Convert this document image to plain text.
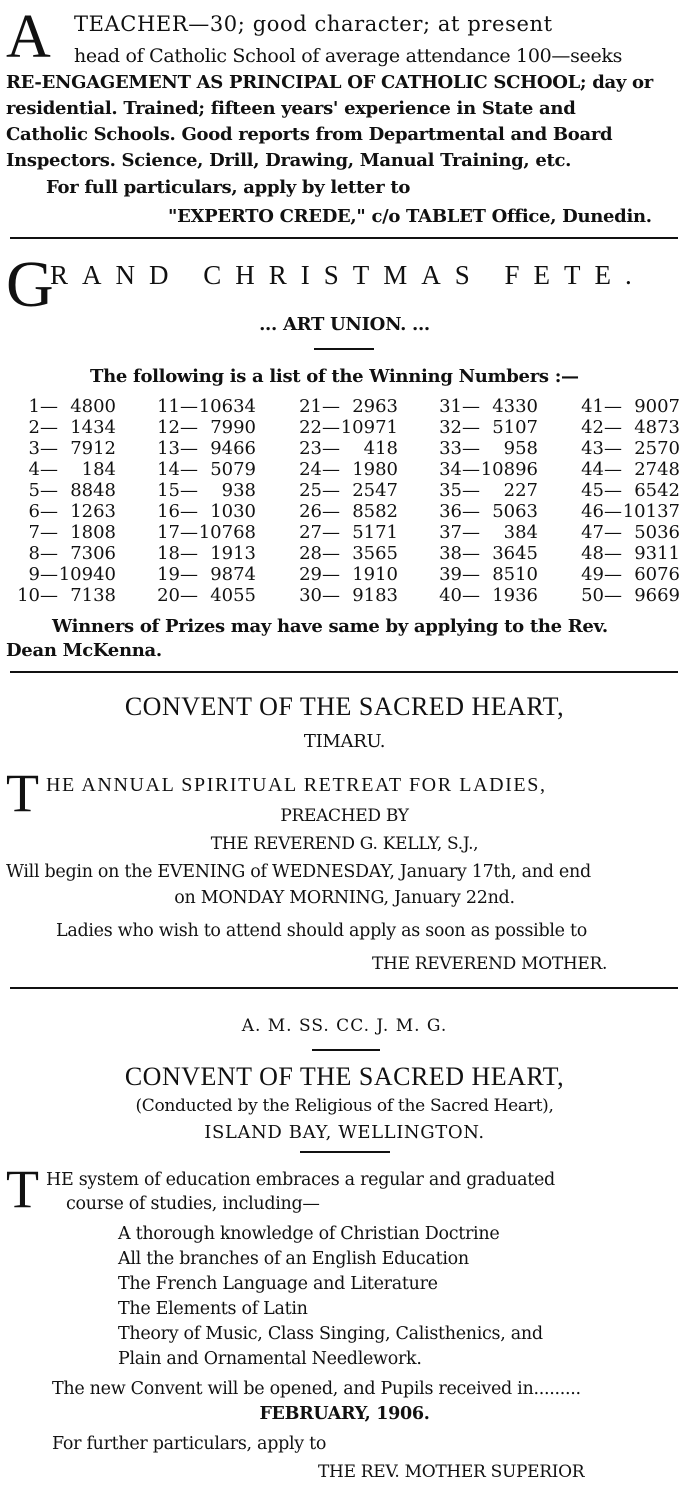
A TEACHER—30; good character; at present
head of Catholic School of average attendance 100—seeks
RE-ENGAGEMENT AS PRINCIPAL OF CATHOLIC SCHOOL; day or
residential. Trained; fifteen years' experience in State and
Catholic Schools. Good reports from Departmental and Board
Inspectors. Science, Drill, Drawing, Manual Training, etc.
For full particulars, apply by letter to
"EXPERTO CREDE," c/o TABLET Office, Dunedin.
G
RAND CHRISTMAS FETE.
... ART UNION. ...
The following is a list of the Winning Numbers :—
1 — 4800
2 — 1434
3 — 7912
4 —	184
5 — 8848
6 — 1263
7 — 1808
8 — 7306
9 — 10940
10 — 7138
11 — 10634
12 — 7990
13 — 9466
14 — 5079
15 —	938
16 — 1030
17 — 10768
18 — 1913
19 — 9874
20 — 4055
21 — 2963
22 — 10971
23 —	418
24 — 1980
25 — 2547
26 — 8582
27 — 5171
28 — 3565
29 — 1910
30 — 9183
31 — 4330
32 — 5107
33 —	958
34 — 10896
35 —	227
36 — 5063
37 —	384
38 — 3645
39 — 8510
40 — 1936
41 — 9007
42 — 4873
43 — 2570
44 — 2748
45 — 6542
46 — 10137
47 — 5036
48 — 9311
49 — 6076
50 — 9669
Winners of Prizes may have same by applying to the Rev.
Dean McKenna.
CONVENT OF THE SACRED HEART,
TIMARU.
T HE ANNUAL SPIRITUAL RETREAT FOR LADIES,
PREACHED BY
THE REVEREND G. KELLY, S.J.,
Will begin on the EVENING of WEDNESDAY, January 17th, and end
on MONDAY MORNING, January 22nd.
Ladies who wish to attend should apply as soon as possible to
THE REVEREND MOTHER.
A. M. SS. CC. J. M. G.
CONVENT OF THE SACRED HEART,
(Conducted by the Religious of the Sacred Heart),
ISLAND BAY, WELLINGTON.
T HE system of education embraces a regular and graduated
course of studies, including—
A thorough knowledge of Christian Doctrine
All the branches of an English Education
The French Language and Literature
The Elements of Latin
Theory of Music, Class Singing, Calisthenics, and
Plain and Ornamental Needlework.
The new Convent will be opened, and Pupils received in.........
FEBRUARY, 1906.
For further particulars, apply to
THE REV. MOTHER SUPERIOR
